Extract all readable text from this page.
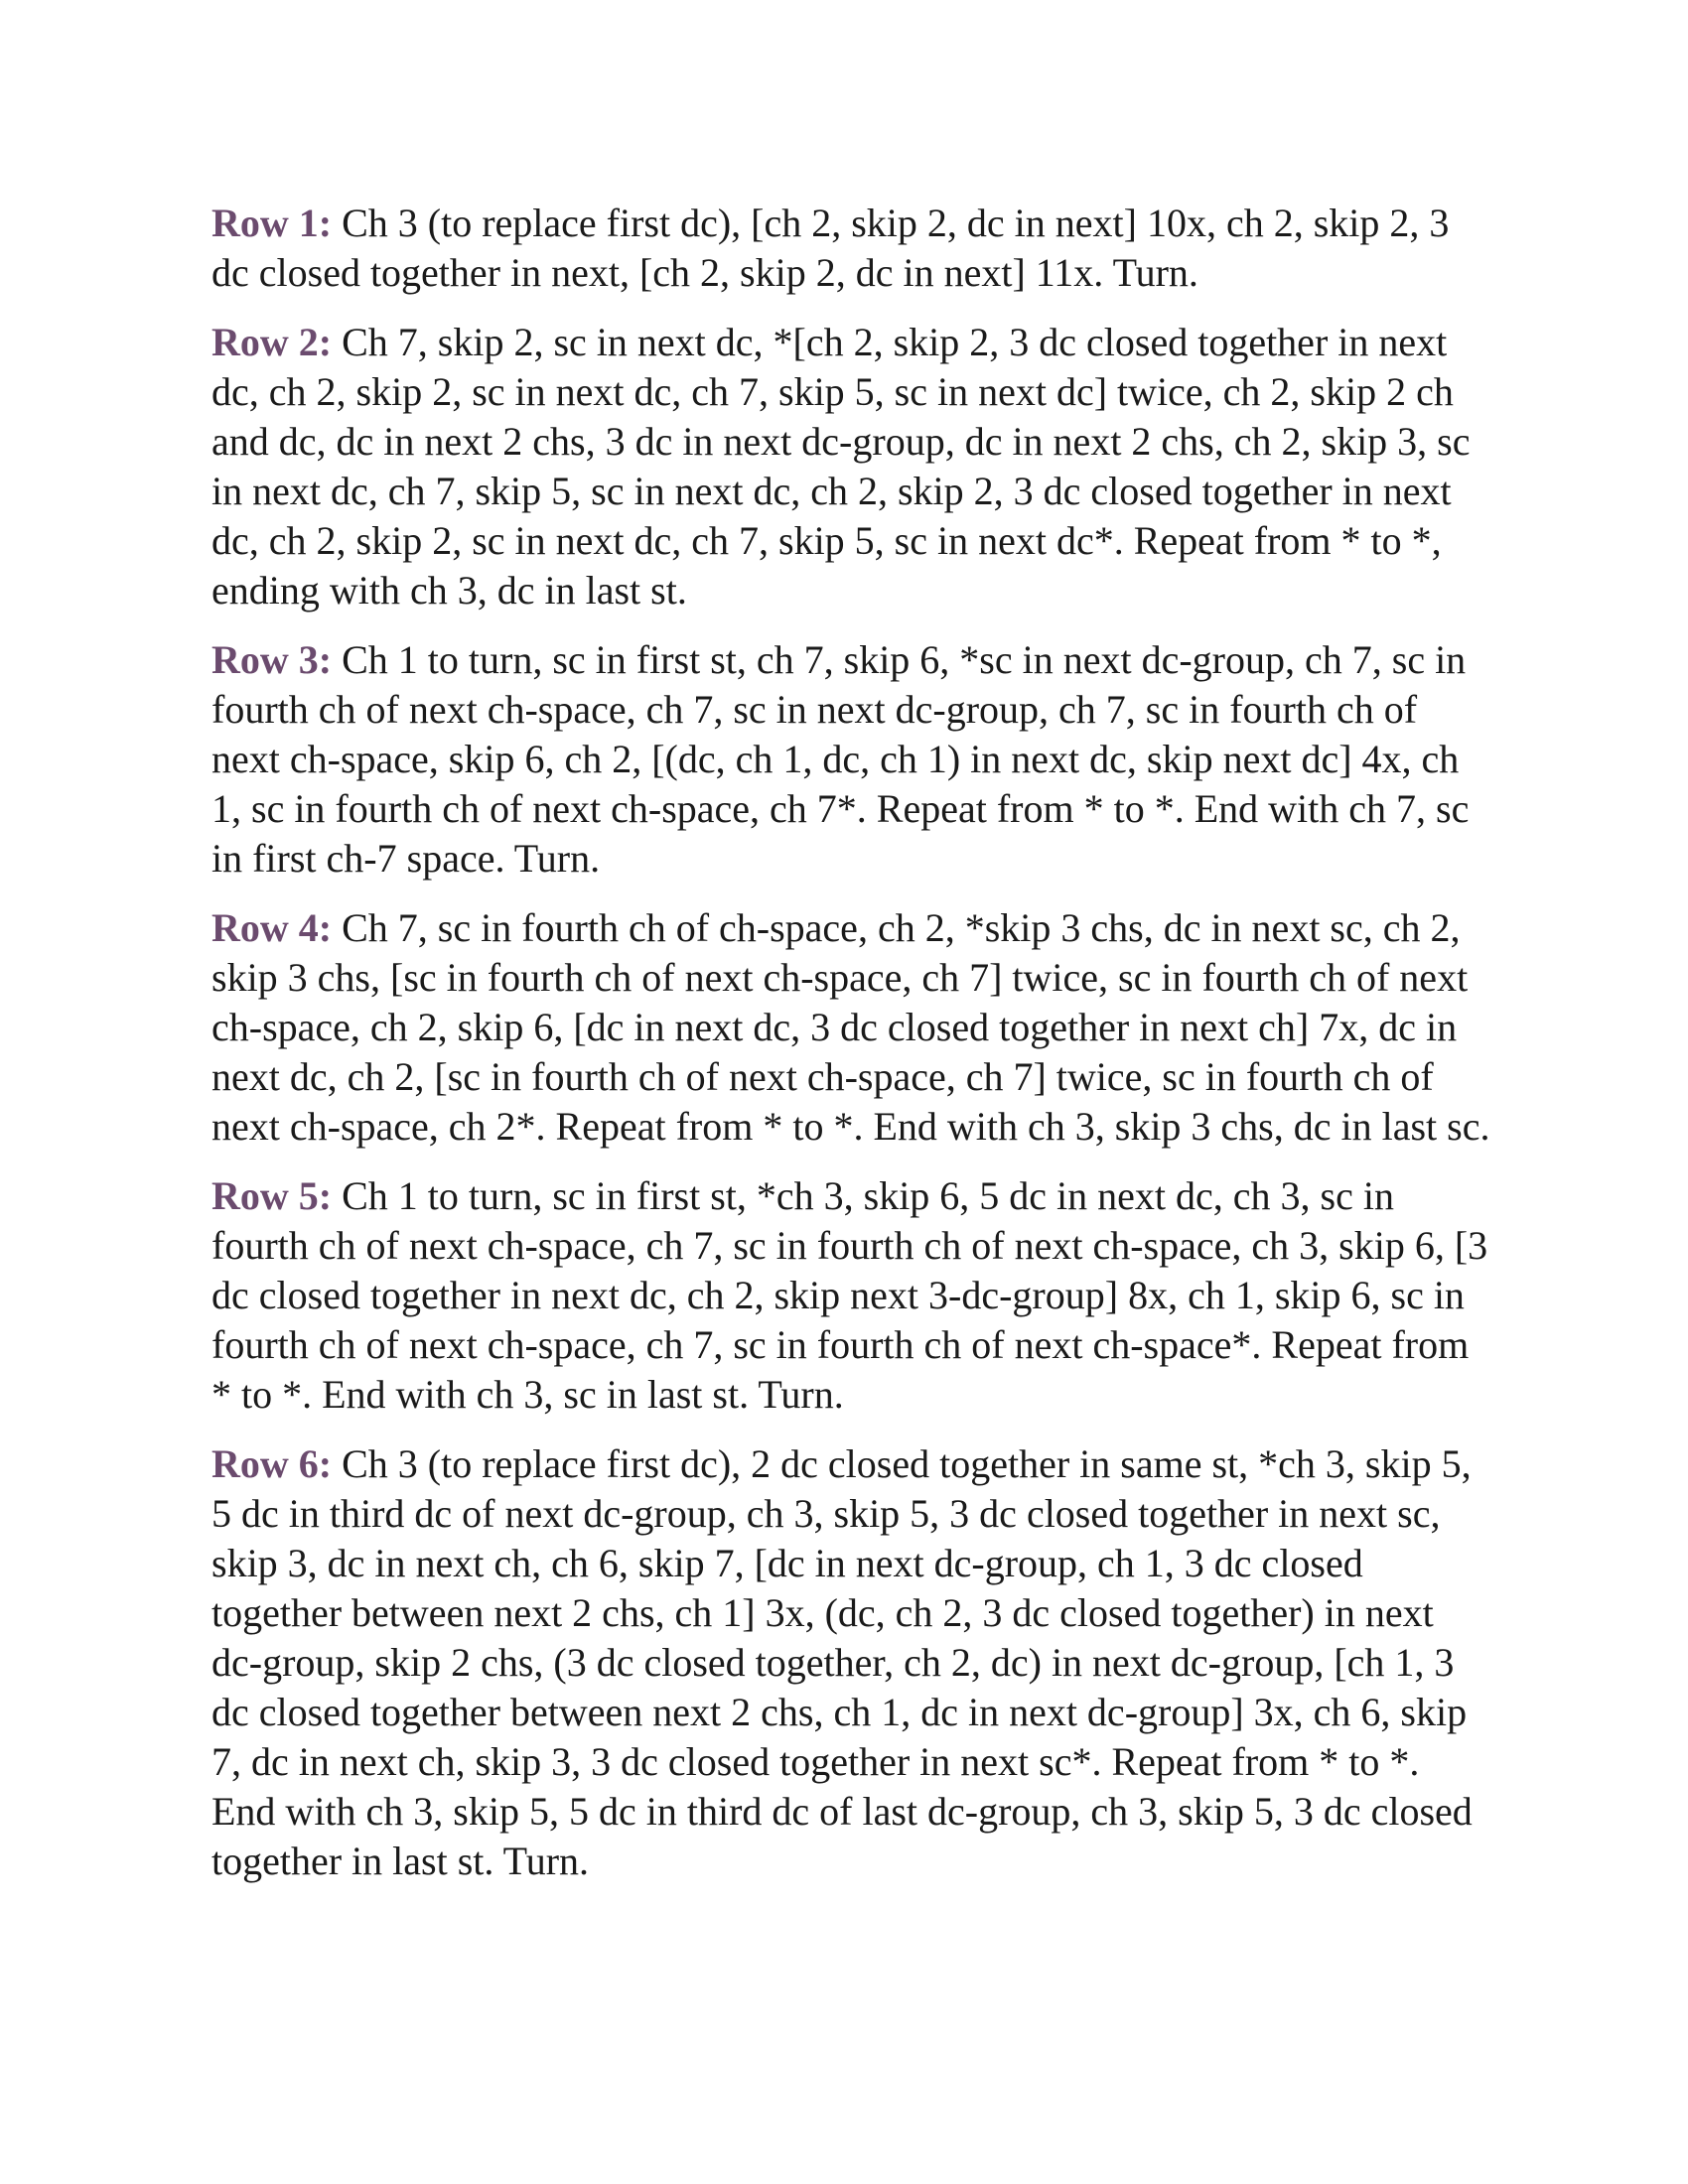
Row 1: Ch 3 (to replace first dc), [ch 2, skip 2, dc in next] 10x, ch 2, skip 2, 3 dc closed together in next, [ch 2, skip 2, dc in next] 11x. Turn.

Row 2: Ch 7, skip 2, sc in next dc, *[ch 2, skip 2, 3 dc closed together in next dc, ch 2, skip 2, sc in next dc, ch 7, skip 5, sc in next dc] twice, ch 2, skip 2 ch and dc, dc in next 2 chs, 3 dc in next dc-group, dc in next 2 chs, ch 2, skip 3, sc in next dc, ch 7, skip 5, sc in next dc, ch 2, skip 2, 3 dc closed together in next dc, ch 2, skip 2, sc in next dc, ch 7, skip 5, sc in next dc*. Repeat from * to *, ending with ch 3, dc in last st.

Row 3: Ch 1 to turn, sc in first st, ch 7, skip 6, *sc in next dc-group, ch 7, sc in fourth ch of next ch-space, ch 7, sc in next dc-group, ch 7, sc in fourth ch of next ch-space, skip 6, ch 2, [(dc, ch 1, dc, ch 1) in next dc, skip next dc] 4x, ch 1, sc in fourth ch of next ch-space, ch 7*. Repeat from * to *. End with ch 7, sc in first ch-7 space. Turn.

Row 4: Ch 7, sc in fourth ch of ch-space, ch 2, *skip 3 chs, dc in next sc, ch 2, skip 3 chs, [sc in fourth ch of next ch-space, ch 7] twice, sc in fourth ch of next ch-space, ch 2, skip 6, [dc in next dc, 3 dc closed together in next ch] 7x, dc in next dc, ch 2, [sc in fourth ch of next ch-space, ch 7] twice, sc in fourth ch of next ch-space, ch 2*. Repeat from * to *. End with ch 3, skip 3 chs, dc in last sc.

Row 5: Ch 1 to turn, sc in first st, *ch 3, skip 6, 5 dc in next dc, ch 3, sc in fourth ch of next ch-space, ch 7, sc in fourth ch of next ch-space, ch 3, skip 6, [3 dc closed together in next dc, ch 2, skip next 3-dc-group] 8x, ch 1, skip 6, sc in fourth ch of next ch-space, ch 7, sc in fourth ch of next ch-space*. Repeat from * to *. End with ch 3, sc in last st. Turn.

Row 6: Ch 3 (to replace first dc), 2 dc closed together in same st, *ch 3, skip 5, 5 dc in third dc of next dc-group, ch 3, skip 5, 3 dc closed together in next sc, skip 3, dc in next ch, ch 6, skip 7, [dc in next dc-group, ch 1, 3 dc closed together between next 2 chs, ch 1] 3x, (dc, ch 2, 3 dc closed together) in next dc-group, skip 2 chs, (3 dc closed together, ch 2, dc) in next dc-group, [ch 1, 3 dc closed together between next 2 chs, ch 1, dc in next dc-group] 3x, ch 6, skip 7, dc in next ch, skip 3, 3 dc closed together in next sc*. Repeat from * to *. End with ch 3, skip 5, 5 dc in third dc of last dc-group, ch 3, skip 5, 3 dc closed together in last st. Turn.
